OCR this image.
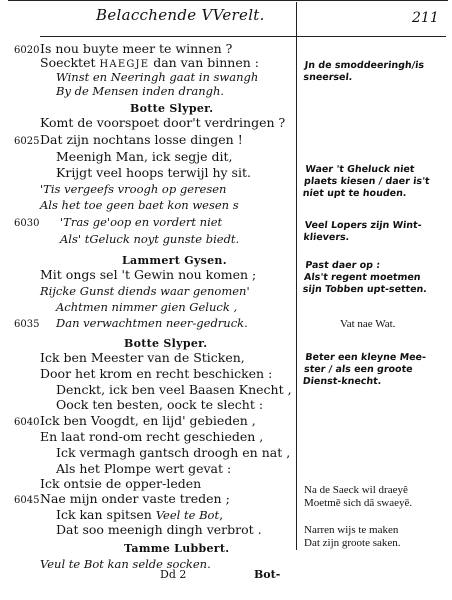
Belacchende VVerelt.	211
Is nou buyte meer te winnen ?
6020
Soecktet HAEGJE dan van binnen :
Winst en Neeringh gaat in swangh
By de Mensen inden drangh.
Botte Slyper.
Komt de voorspoet door't verdringen ?
Dat zijn nochtans losse dingen !
6025
Meenigh Man, ick segje dit,
Krijgt veel hoops terwijl hy sit.
'Tis vergeefs vroogh op geresen
Als het toe geen baet kon wesen s
'Tras ge'oop en vordert niet
6030
Als' tGeluck noyt gunste biedt.
Lammert Gysen.
Mit ongs sel 't Gewin nou komen ;
Rijcke Gunst diends waar genomen'
Achtmen nimmer gien Geluck ,
Dan verwachtmen neer-gedruck.
6035
Botte Slyper.
Ick ben Meester van de Sticken,
Door het krom en recht beschicken :
Denckt, ick ben veel Baasen Knecht ,
Oock ten besten, oock te slecht :
Ick ben Voogdt, en lijd' gebieden ,
6040
En laat rond-om recht geschieden ,
Ick vermagh gantsch droogh en nat ,
Als het Plompe wert gevat :
Ick ontsie de opper-leden
Nae mijn onder vaste treden ;
6045
Ick kan spitsen Veel te Bot,
Dat soo meenigh dingh verbrot .
Tamme Lubbert.
Veul te Bot kan selde socken.

Jn de smoddeeringh/is

sneersel.

Waer 't Gheluck niet

plaets kiesen / daer is't

niet upt te houden.

Veel Lopers zijn Wint-

klievers.

Past daer op :

Als't regent moetmen

sijn Tobben upt-setten.

Vat nae Wat.

Beter een kleyne Mee-

ster / als een groote

Dienst-knecht.

Na de Saeck wil draeyê

Moetmē sich dā swaeyē.

Narren wijs te maken

Dat zijn groote saken.

Dd 2	Bot-
